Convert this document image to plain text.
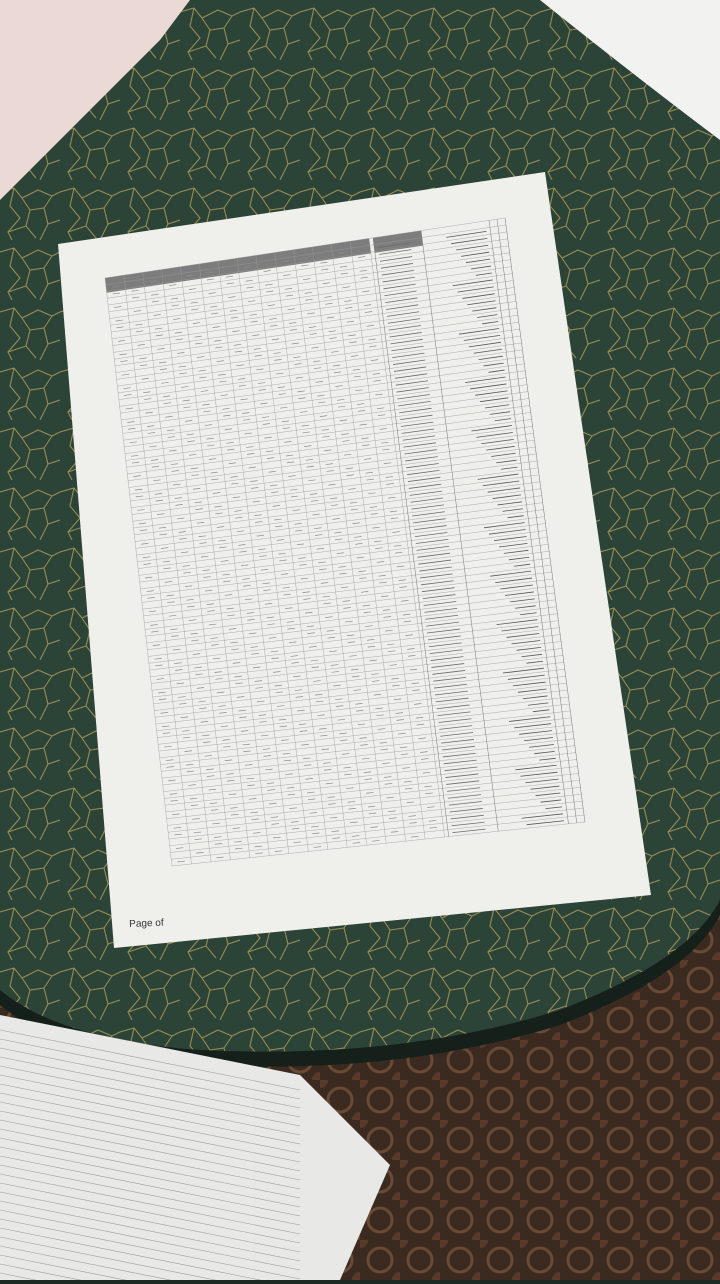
Page of
